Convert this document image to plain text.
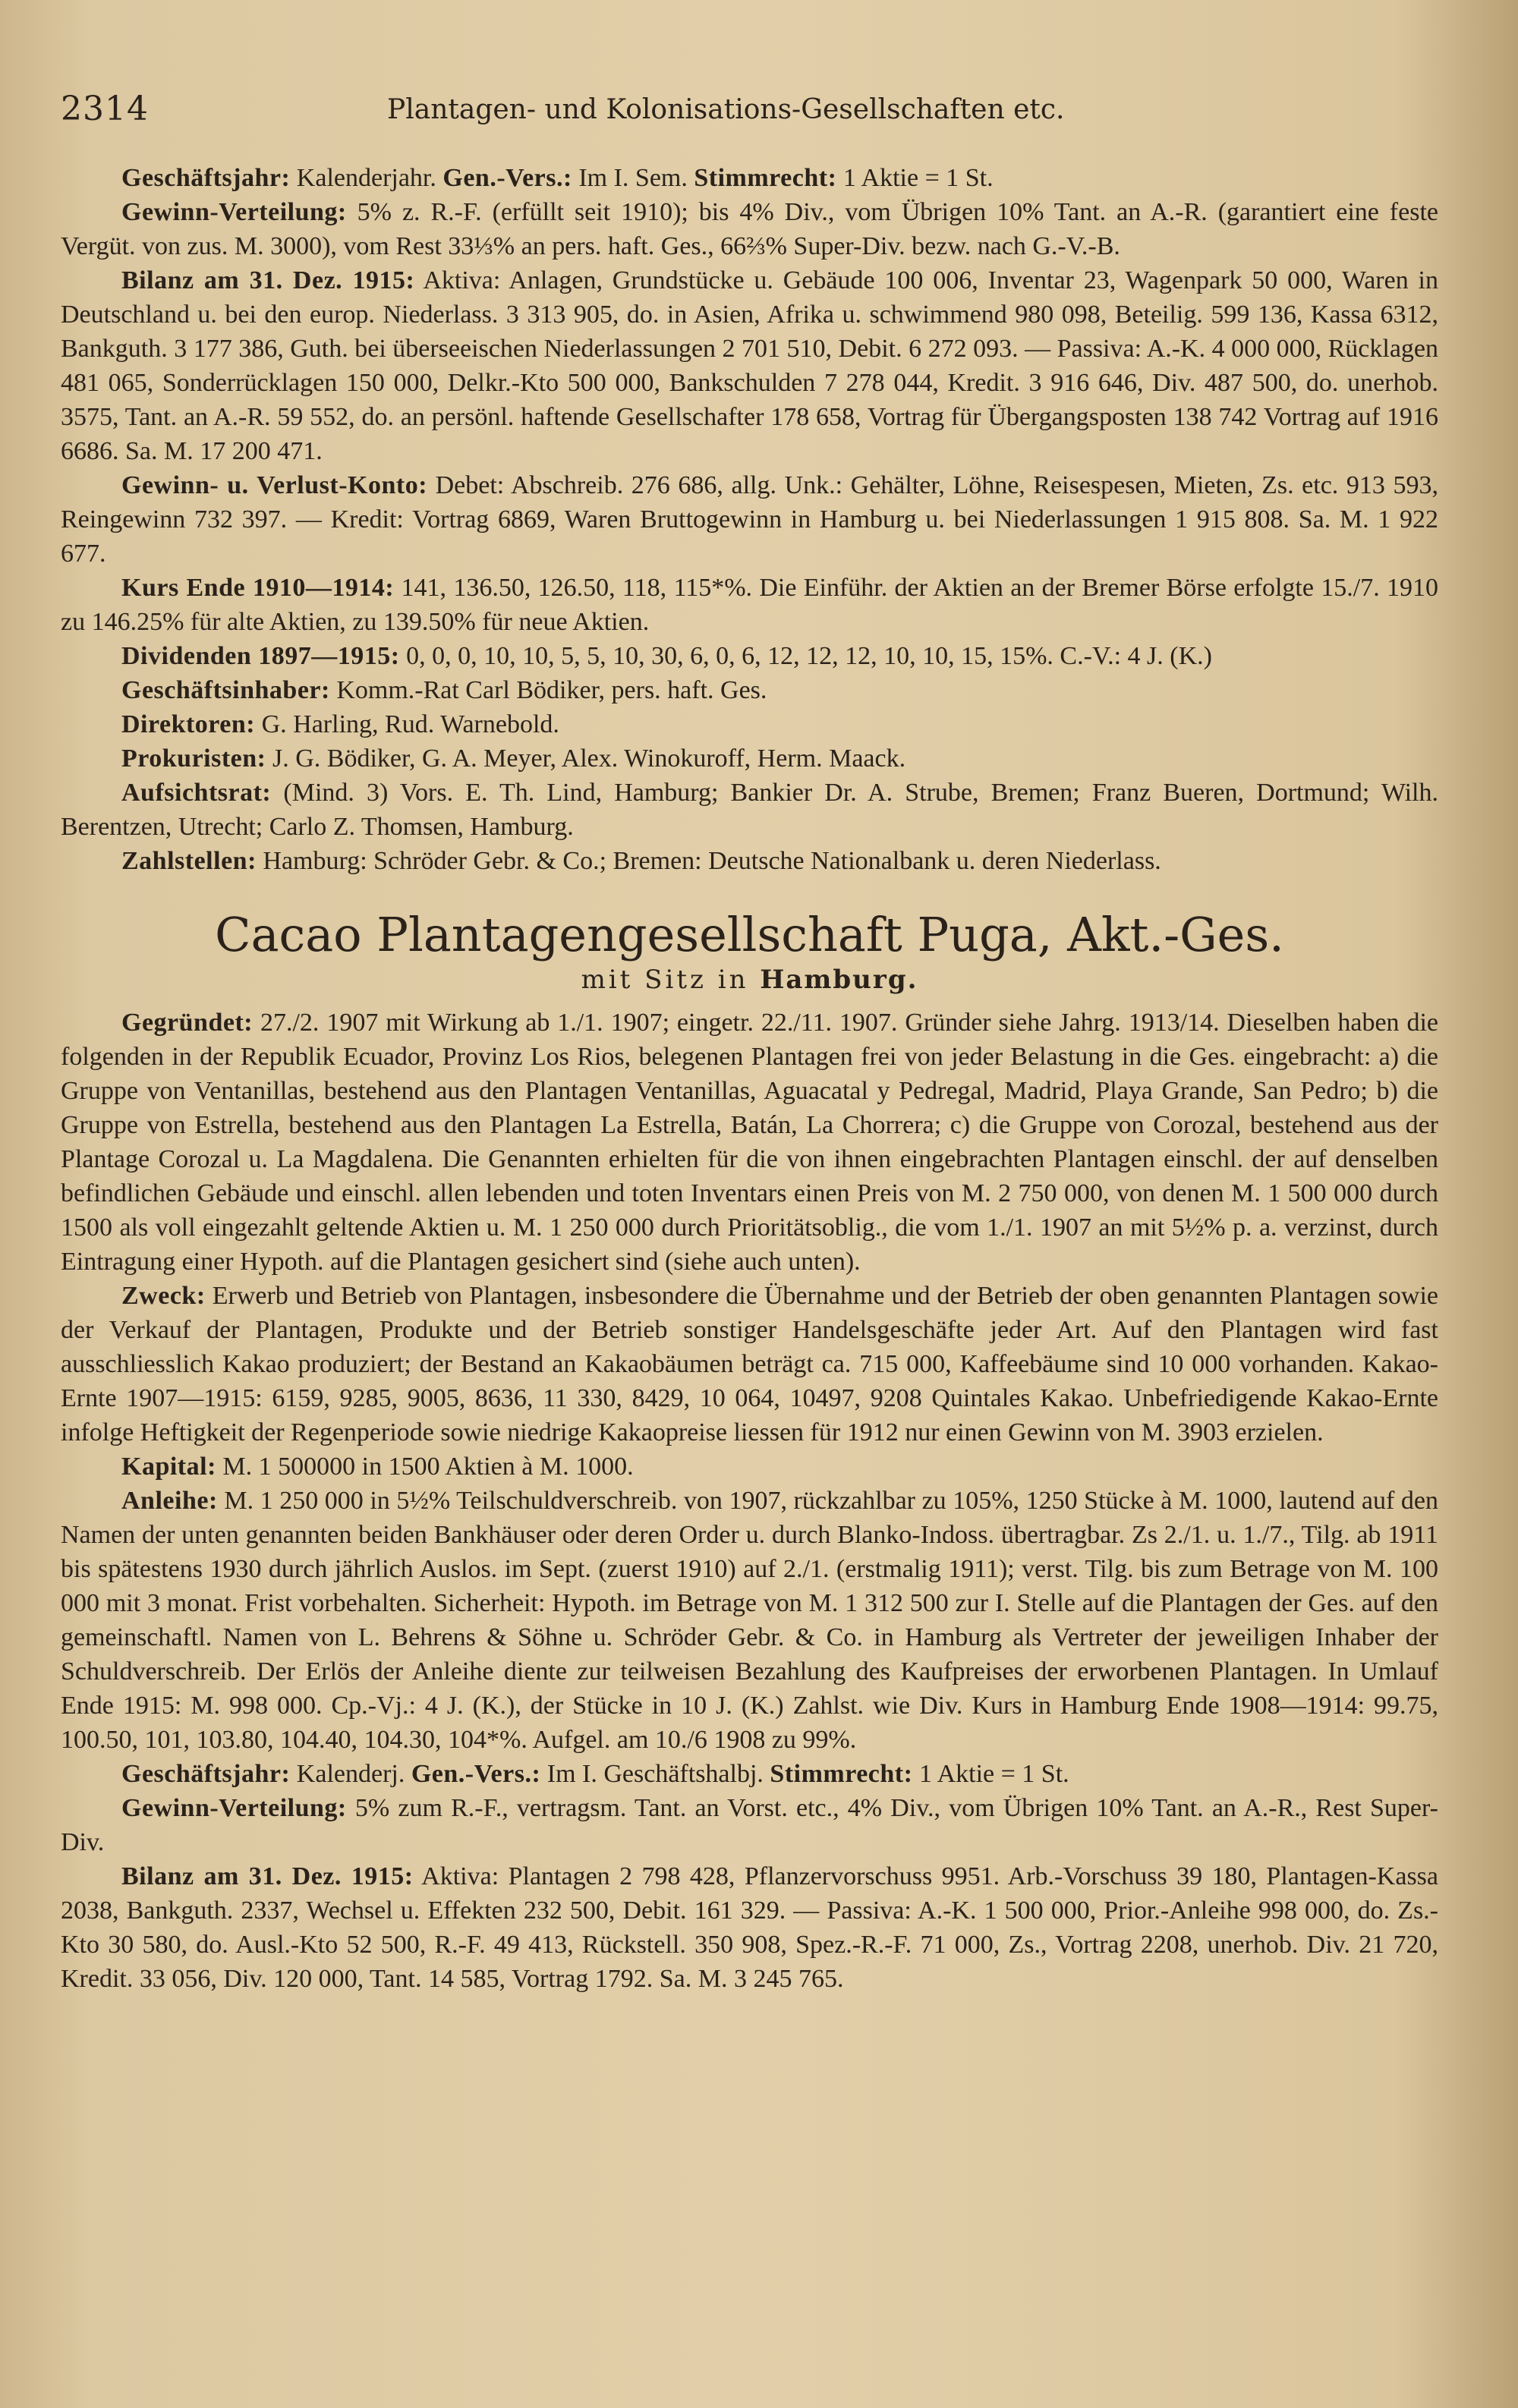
2314	Plantagen- und Kolonisations-Gesellschaften etc.

Geschäftsjahr: Kalenderjahr. Gen.-Vers.: Im I. Sem. Stimmrecht: 1 Aktie = 1 St.

Gewinn-Verteilung: 5% z. R.-F. (erfüllt seit 1910); bis 4% Div., vom Übrigen 10% Tant. an A.-R. (garantiert eine feste Vergüt. von zus. M. 3000), vom Rest 33⅓% an pers. haft. Ges., 66⅔% Super-Div. bezw. nach G.-V.-B.

Bilanz am 31. Dez. 1915: Aktiva: Anlagen, Grundstücke u. Gebäude 100 006, Inventar 23, Wagenpark 50 000, Waren in Deutschland u. bei den europ. Niederlass. 3 313 905, do. in Asien, Afrika u. schwimmend 980 098, Beteilig. 599 136, Kassa 6312, Bankguth. 3 177 386, Guth. bei überseeischen Niederlassungen 2 701 510, Debit. 6 272 093. — Passiva: A.-K. 4 000 000, Rücklagen 481 065, Sonderrücklagen 150 000, Delkr.-Kto 500 000, Bankschulden 7 278 044, Kredit. 3 916 646, Div. 487 500, do. unerhob. 3575, Tant. an A.-R. 59 552, do. an persönl. haftende Gesellschafter 178 658, Vortrag für Übergangsposten 138 742 Vortrag auf 1916 6686. Sa. M. 17 200 471.

Gewinn- u. Verlust-Konto: Debet: Abschreib. 276 686, allg. Unk.: Gehälter, Löhne, Reisespesen, Mieten, Zs. etc. 913 593, Reingewinn 732 397. — Kredit: Vortrag 6869, Waren Bruttogewinn in Hamburg u. bei Niederlassungen 1 915 808. Sa. M. 1 922 677.

Kurs Ende 1910—1914: 141, 136.50, 126.50, 118, 115*%. Die Einführ. der Aktien an der Bremer Börse erfolgte 15./7. 1910 zu 146.25% für alte Aktien, zu 139.50% für neue Aktien.

Dividenden 1897—1915: 0, 0, 0, 10, 10, 5, 5, 10, 30, 6, 0, 6, 12, 12, 12, 10, 10, 15, 15%. C.-V.: 4 J. (K.)

Geschäftsinhaber: Komm.-Rat Carl Bödiker, pers. haft. Ges.

Direktoren: G. Harling, Rud. Warnebold.

Prokuristen: J. G. Bödiker, G. A. Meyer, Alex. Winokuroff, Herm. Maack.

Aufsichtsrat: (Mind. 3) Vors. E. Th. Lind, Hamburg; Bankier Dr. A. Strube, Bremen; Franz Bueren, Dortmund; Wilh. Berentzen, Utrecht; Carlo Z. Thomsen, Hamburg.

Zahlstellen: Hamburg: Schröder Gebr. & Co.; Bremen: Deutsche Nationalbank u. deren Niederlass.

Cacao Plantagengesellschaft Puga, Akt.-Ges.
mit Sitz in Hamburg.

Gegründet: 27./2. 1907 mit Wirkung ab 1./1. 1907; eingetr. 22./11. 1907. Gründer siehe Jahrg. 1913/14. Dieselben haben die folgenden in der Republik Ecuador, Provinz Los Rios, belegenen Plantagen frei von jeder Belastung in die Ges. eingebracht: a) die Gruppe von Ventanillas, bestehend aus den Plantagen Ventanillas, Aguacatal y Pedregal, Madrid, Playa Grande, San Pedro; b) die Gruppe von Estrella, bestehend aus den Plantagen La Estrella, Batán, La Chorrera; c) die Gruppe von Corozal, bestehend aus der Plantage Corozal u. La Magdalena. Die Genannten erhielten für die von ihnen eingebrachten Plantagen einschl. der auf denselben befindlichen Gebäude und einschl. allen lebenden und toten Inventars einen Preis von M. 2 750 000, von denen M. 1 500 000 durch 1500 als voll eingezahlt geltende Aktien u. M. 1 250 000 durch Prioritätsoblig., die vom 1./1. 1907 an mit 5½% p. a. verzinst, durch Eintragung einer Hypoth. auf die Plantagen gesichert sind (siehe auch unten).

Zweck: Erwerb und Betrieb von Plantagen, insbesondere die Übernahme und der Betrieb der oben genannten Plantagen sowie der Verkauf der Plantagen, Produkte und der Betrieb sonstiger Handelsgeschäfte jeder Art. Auf den Plantagen wird fast ausschliesslich Kakao produziert; der Bestand an Kakaobäumen beträgt ca. 715 000, Kaffeebäume sind 10 000 vorhanden. Kakao-Ernte 1907—1915: 6159, 9285, 9005, 8636, 11 330, 8429, 10 064, 10497, 9208 Quintales Kakao. Unbefriedigende Kakao-Ernte infolge Heftigkeit der Regenperiode sowie niedrige Kakaopreise liessen für 1912 nur einen Gewinn von M. 3903 erzielen.

Kapital: M. 1 500000 in 1500 Aktien à M. 1000.

Anleihe: M. 1 250 000 in 5½% Teilschuldverschreib. von 1907, rückzahlbar zu 105%, 1250 Stücke à M. 1000, lautend auf den Namen der unten genannten beiden Bankhäuser oder deren Order u. durch Blanko-Indoss. übertragbar. Zs 2./1. u. 1./7., Tilg. ab 1911 bis spätestens 1930 durch jährlich Auslos. im Sept. (zuerst 1910) auf 2./1. (erstmalig 1911); verst. Tilg. bis zum Betrage von M. 100 000 mit 3 monat. Frist vorbehalten. Sicherheit: Hypoth. im Betrage von M. 1 312 500 zur I. Stelle auf die Plantagen der Ges. auf den gemeinschaftl. Namen von L. Behrens & Söhne u. Schröder Gebr. & Co. in Hamburg als Vertreter der jeweiligen Inhaber der Schuldverschreib. Der Erlös der Anleihe diente zur teilweisen Bezahlung des Kaufpreises der erworbenen Plantagen. In Umlauf Ende 1915: M. 998 000. Cp.-Vj.: 4 J. (K.), der Stücke in 10 J. (K.) Zahlst. wie Div. Kurs in Hamburg Ende 1908—1914: 99.75, 100.50, 101, 103.80, 104.40, 104.30, 104*%. Aufgel. am 10./6 1908 zu 99%.

Geschäftsjahr: Kalenderj. Gen.-Vers.: Im I. Geschäftshalbj. Stimmrecht: 1 Aktie = 1 St.

Gewinn-Verteilung: 5% zum R.-F., vertragsm. Tant. an Vorst. etc., 4% Div., vom Übrigen 10% Tant. an A.-R., Rest Super-Div.

Bilanz am 31. Dez. 1915: Aktiva: Plantagen 2 798 428, Pflanzervorschuss 9951. Arb.-Vorschuss 39 180, Plantagen-Kassa 2038, Bankguth. 2337, Wechsel u. Effekten 232 500, Debit. 161 329. — Passiva: A.-K. 1 500 000, Prior.-Anleihe 998 000, do. Zs.-Kto 30 580, do. Ausl.-Kto 52 500, R.-F. 49 413, Rückstell. 350 908, Spez.-R.-F. 71 000, Zs., Vortrag 2208, unerhob. Div. 21 720, Kredit. 33 056, Div. 120 000, Tant. 14 585, Vortrag 1792. Sa. M. 3 245 765.
